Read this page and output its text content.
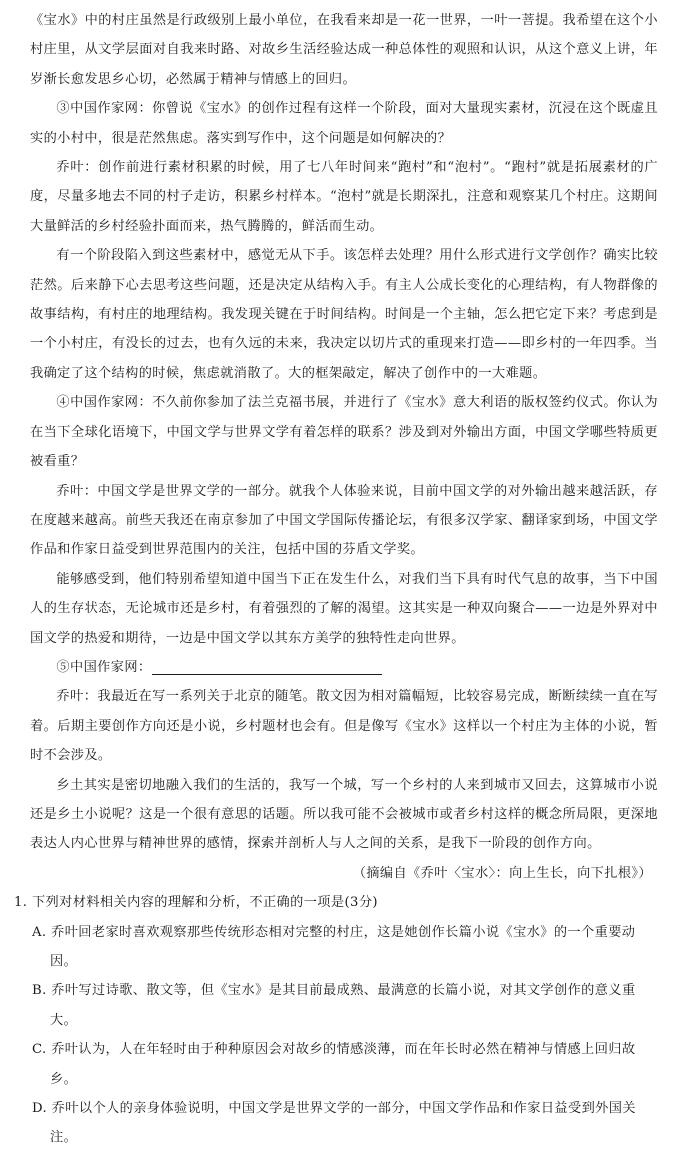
《宝水》中的村庄虽然是行政级别上最小单位，在我看来却是一花一世界，一叶一菩提。我希望在这个小村庄里，从文学层面对自我来时路、对故乡生活经验达成一种总体性的观照和认识，从这个意义上讲，年岁渐长愈发思乡心切，必然属于精神与情感上的回归。

③中国作家网：你曾说《宝水》的创作过程有这样一个阶段，面对大量现实素材，沉浸在这个既虚且实的小村中，很是茫然焦虑。落实到写作中，这个问题是如何解决的？

乔叶：创作前进行素材积累的时候，用了七八年时间来“跑村”和“泡村”。“跑村”就是拓展素材的广度，尽量多地去不同的村子走访，积累乡村样本。“泡村”就是长期深扎，注意和观察某几个村庄。这期间大量鲜活的乡村经验扑面而来，热气腾腾的，鲜活而生动。

有一个阶段陷入到这些素材中，感觉无从下手。该怎样去处理？用什么形式进行文学创作？确实比较茫然。后来静下心去思考这些问题，还是决定从结构入手。有主人公成长变化的心理结构，有人物群像的故事结构，有村庄的地理结构。我发现关键在于时间结构。时间是一个主轴，怎么把它定下来？考虑到是一个小村庄，有没长的过去，也有久远的未来，我决定以切片式的重现来打造——即乡村的一年四季。当我确定了这个结构的时候，焦虑就消散了。大的框架敲定，解决了创作中的一大难题。

④中国作家网：不久前你参加了法兰克福书展，并进行了《宝水》意大利语的版权签约仪式。你认为在当下全球化语境下，中国文学与世界文学有着怎样的联系？涉及到对外输出方面，中国文学哪些特质更被看重？

乔叶：中国文学是世界文学的一部分。就我个人体验来说，目前中国文学的对外输出越来越活跃，存在度越来越高。前些天我还在南京参加了中国文学国际传播论坛，有很多汉学家、翻译家到场，中国文学作品和作家日益受到世界范围内的关注，包括中国的芬盾文学奖。

能够感受到，他们特别希望知道中国当下正在发生什么，对我们当下具有时代气息的故事，当下中国人的生存状态，无论城市还是乡村，有着强烈的了解的渴望。这其实是一种双向聚合——一边是外界对中国文学的热爱和期待，一边是中国文学以其东方美学的独特性走向世界。

⑤中国作家网：

乔叶：我最近在写一系列关于北京的随笔。散文因为相对篇幅短，比较容易完成，断断续续一直在写着。后期主要创作方向还是小说，乡村题材也会有。但是像写《宝水》这样以一个村庄为主体的小说，暂时不会涉及。

乡土其实是密切地融入我们的生活的，我写一个城，写一个乡村的人来到城市又回去，这算城市小说还是乡土小说呢？这是一个很有意思的话题。所以我可能不会被城市或者乡村这样的概念所局限，更深地表达人内心世界与精神世界的感情，探索并剖析人与人之间的关系，是我下一阶段的创作方向。

（摘编自《乔叶〈宝水〉：向上生长，向下扎根》）

1. 下列对材料相关内容的理解和分析，不正确的一项是(3分)

A. 乔叶回老家时喜欢观察那些传统形态相对完整的村庄，这是她创作长篇小说《宝水》的一个重要动因。

B. 乔叶写过诗歌、散文等，但《宝水》是其目前最成熟、最满意的长篇小说，对其文学创作的意义重大。

C. 乔叶认为，人在年轻时由于种种原因会对故乡的情感淡薄，而在年长时必然在精神与情感上回归故乡。

D. 乔叶以个人的亲身体验说明，中国文学是世界文学的一部分，中国文学作品和作家日益受到外国关注。
